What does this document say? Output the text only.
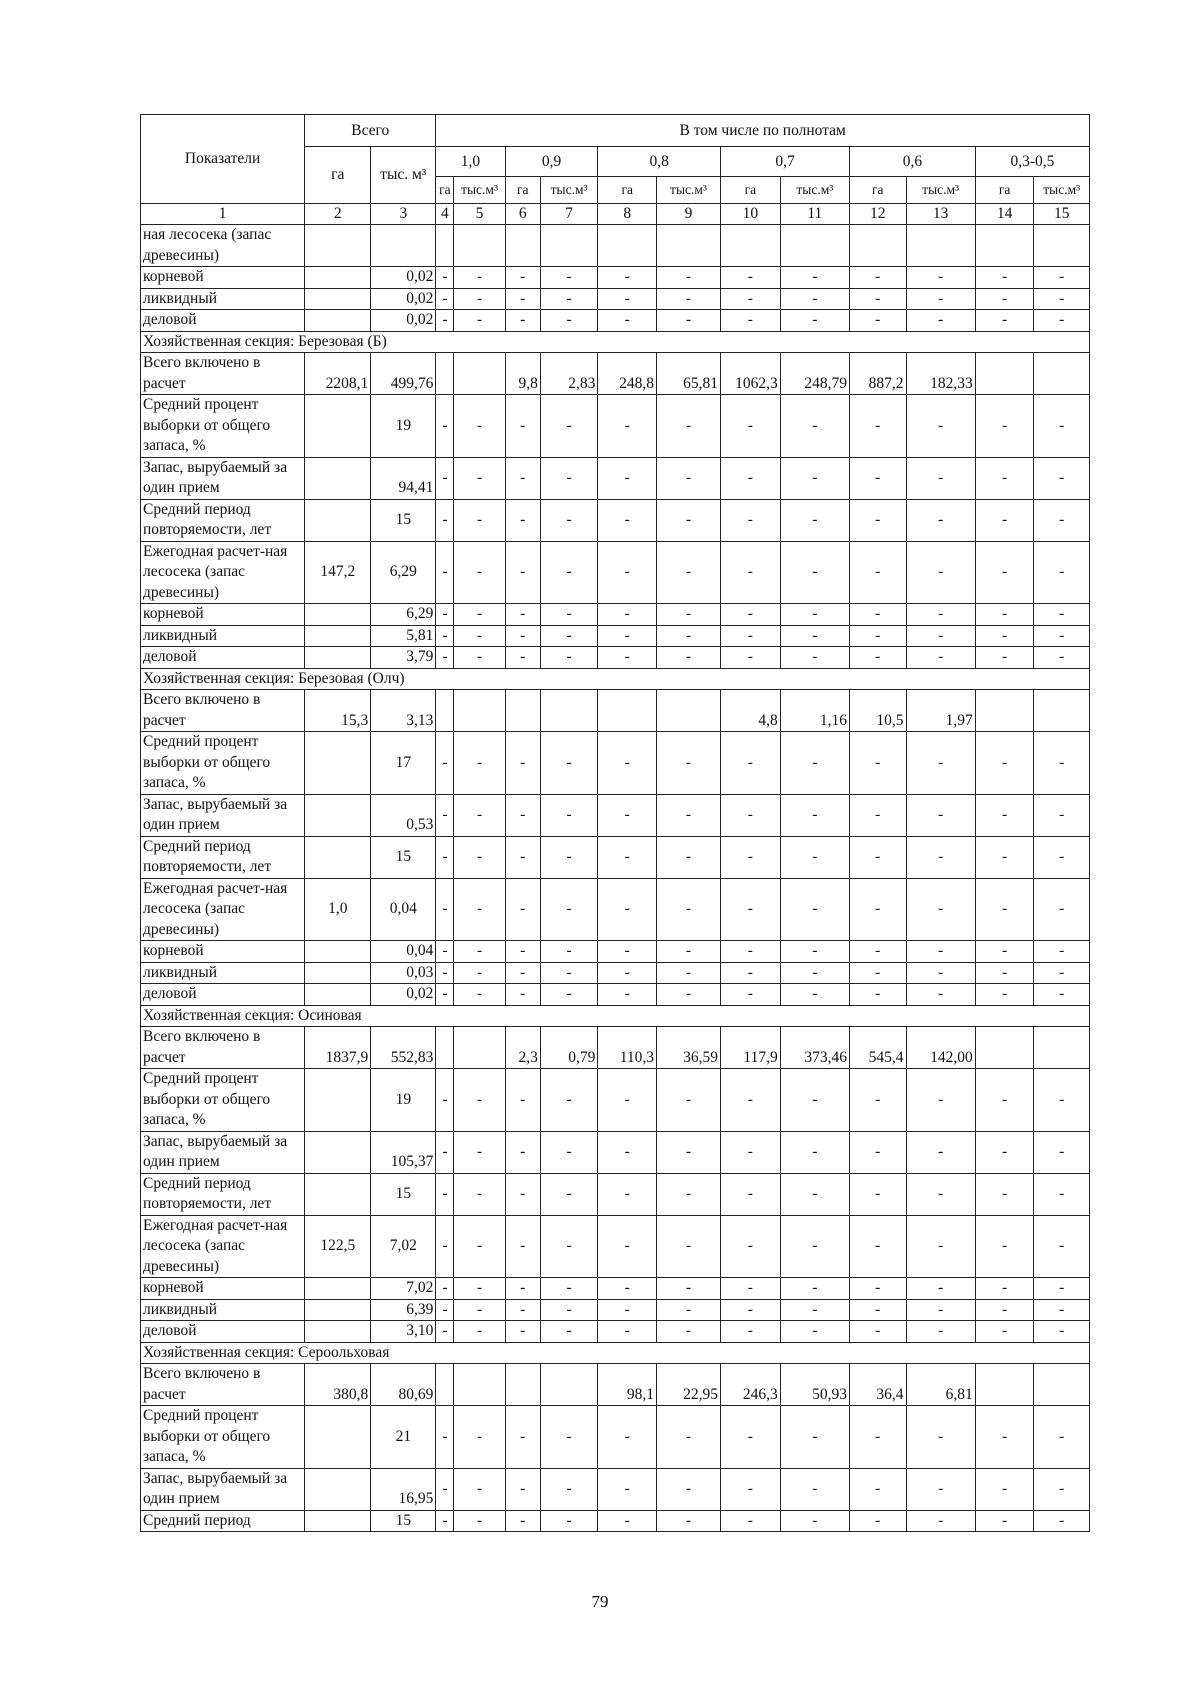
Показатели	Всего		В том числе по полнотам											
	га	тыс. м³	1,0		0,9		0,8		0,7		0,6		0,3-0,5	
			га	тыс.м³	га	тыс.м³	га	тыс.м³	га	тыс.м³	га	тыс.м³	га	тыс.м³
1	2	3	4	5	6	7	8	9	10	11	12	13	14	15
ная лесосека (запас древесины)														
корневой		0,02	-	-	-	-	-	-	-	-	-	-	-	-
ликвидный		0,02	-	-	-	-	-	-	-	-	-	-	-	-
деловой		0,02	-	-	-	-	-	-	-	-	-	-	-	-
Хозяйственная секция: Березовая (Б)														
Всего включено в расчет	2208,1	499,76			9,8	2,83	248,8	65,81	1062,3	248,79	887,2	182,33		
Средний процент выборки от общего запаса, %		19	-	-	-	-	-	-	-	-	-	-	-	-
Запас, вырубаемый за один прием		94,41	-	-	-	-	-	-	-	-	-	-	-	-
Средний период повторяемости, лет		15	-	-	-	-	-	-	-	-	-	-	-	-
Ежегодная расчет-ная лесосека (запас древесины)	147,2	6,29	-	-	-	-	-	-	-	-	-	-	-	-
корневой		6,29	-	-	-	-	-	-	-	-	-	-	-	-
ликвидный		5,81	-	-	-	-	-	-	-	-	-	-	-	-
деловой		3,79	-	-	-	-	-	-	-	-	-	-	-	-
Хозяйственная секция: Березовая (Олч)														
Всего включено в расчет	15,3	3,13							4,8	1,16	10,5	1,97		
Средний процент выборки от общего запаса, %		17	-	-	-	-	-	-	-	-	-	-	-	-
Запас, вырубаемый за один прием		0,53	-	-	-	-	-	-	-	-	-	-	-	-
Средний период повторяемости, лет		15	-	-	-	-	-	-	-	-	-	-	-	-
Ежегодная расчет-ная лесосека (запас древесины)	1,0	0,04	-	-	-	-	-	-	-	-	-	-	-	-
корневой		0,04	-	-	-	-	-	-	-	-	-	-	-	-
ликвидный		0,03	-	-	-	-	-	-	-	-	-	-	-	-
деловой		0,02	-	-	-	-	-	-	-	-	-	-	-	-
Хозяйственная секция: Осиновая														
Всего включено в расчет	1837,9	552,83			2,3	0,79	110,3	36,59	117,9	373,46	545,4	142,00		
Средний процент выборки от общего запаса, %		19	-	-	-	-	-	-	-	-	-	-	-	-
Запас, вырубаемый за один прием		105,37	-	-	-	-	-	-	-	-	-	-	-	-
Средний период повторяемости, лет		15	-	-	-	-	-	-	-	-	-	-	-	-
Ежегодная расчет-ная лесосека (запас древесины)	122,5	7,02	-	-	-	-	-	-	-	-	-	-	-	-
корневой		7,02	-	-	-	-	-	-	-	-	-	-	-	-
ликвидный		6,39	-	-	-	-	-	-	-	-	-	-	-	-
деловой		3,10	-	-	-	-	-	-	-	-	-	-	-	-
Хозяйственная секция: Сероольховая														
Всего включено в расчет	380,8	80,69					98,1	22,95	246,3	50,93	36,4	6,81		
Средний процент выборки от общего запаса, %		21	-	-	-	-	-	-	-	-	-	-	-	-
Запас, вырубаемый за один прием		16,95	-	-	-	-	-	-	-	-	-	-	-	-
Средний период		15	-	-	-	-	-	-	-	-	-	-	-	-
79
